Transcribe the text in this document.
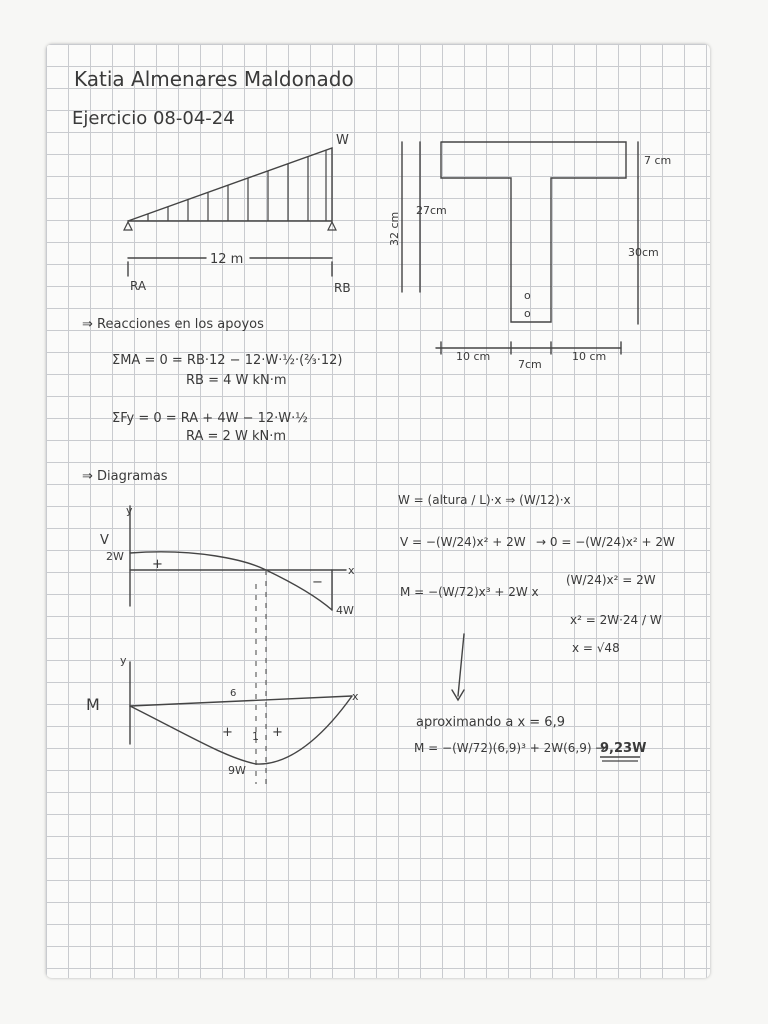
Katia Almenares Maldonado
Ejercicio 08-04-24
W
12 m
RA	RB
27cm
32 cm
7 cm
30cm
o
o
10 cm
7cm
10 cm
⇒ Reacciones en los apoyos
ΣMA = 0 = RB·12 − 12·W·½·(⅔·12)
RB = 4 W kN·m
ΣFy = 0 = RA + 4W − 12·W·½
RA = 2 W kN·m
⇒ Diagramas
V
y
x
2W
4W
+
−
M
y
x
6
+ 1 +
9W
W = (altura / L)·x ⇒ (W/12)·x
V = −(W/24)x² + 2W → 0 = −(W/24)x² + 2W
(W/24)x² = 2W
M = −(W/72)x³ + 2W x
x² = 2W·24 / W
x = √48
aproximando a x = 6,9
M = −(W/72)(6,9)³ + 2W(6,9) →
9,23W
